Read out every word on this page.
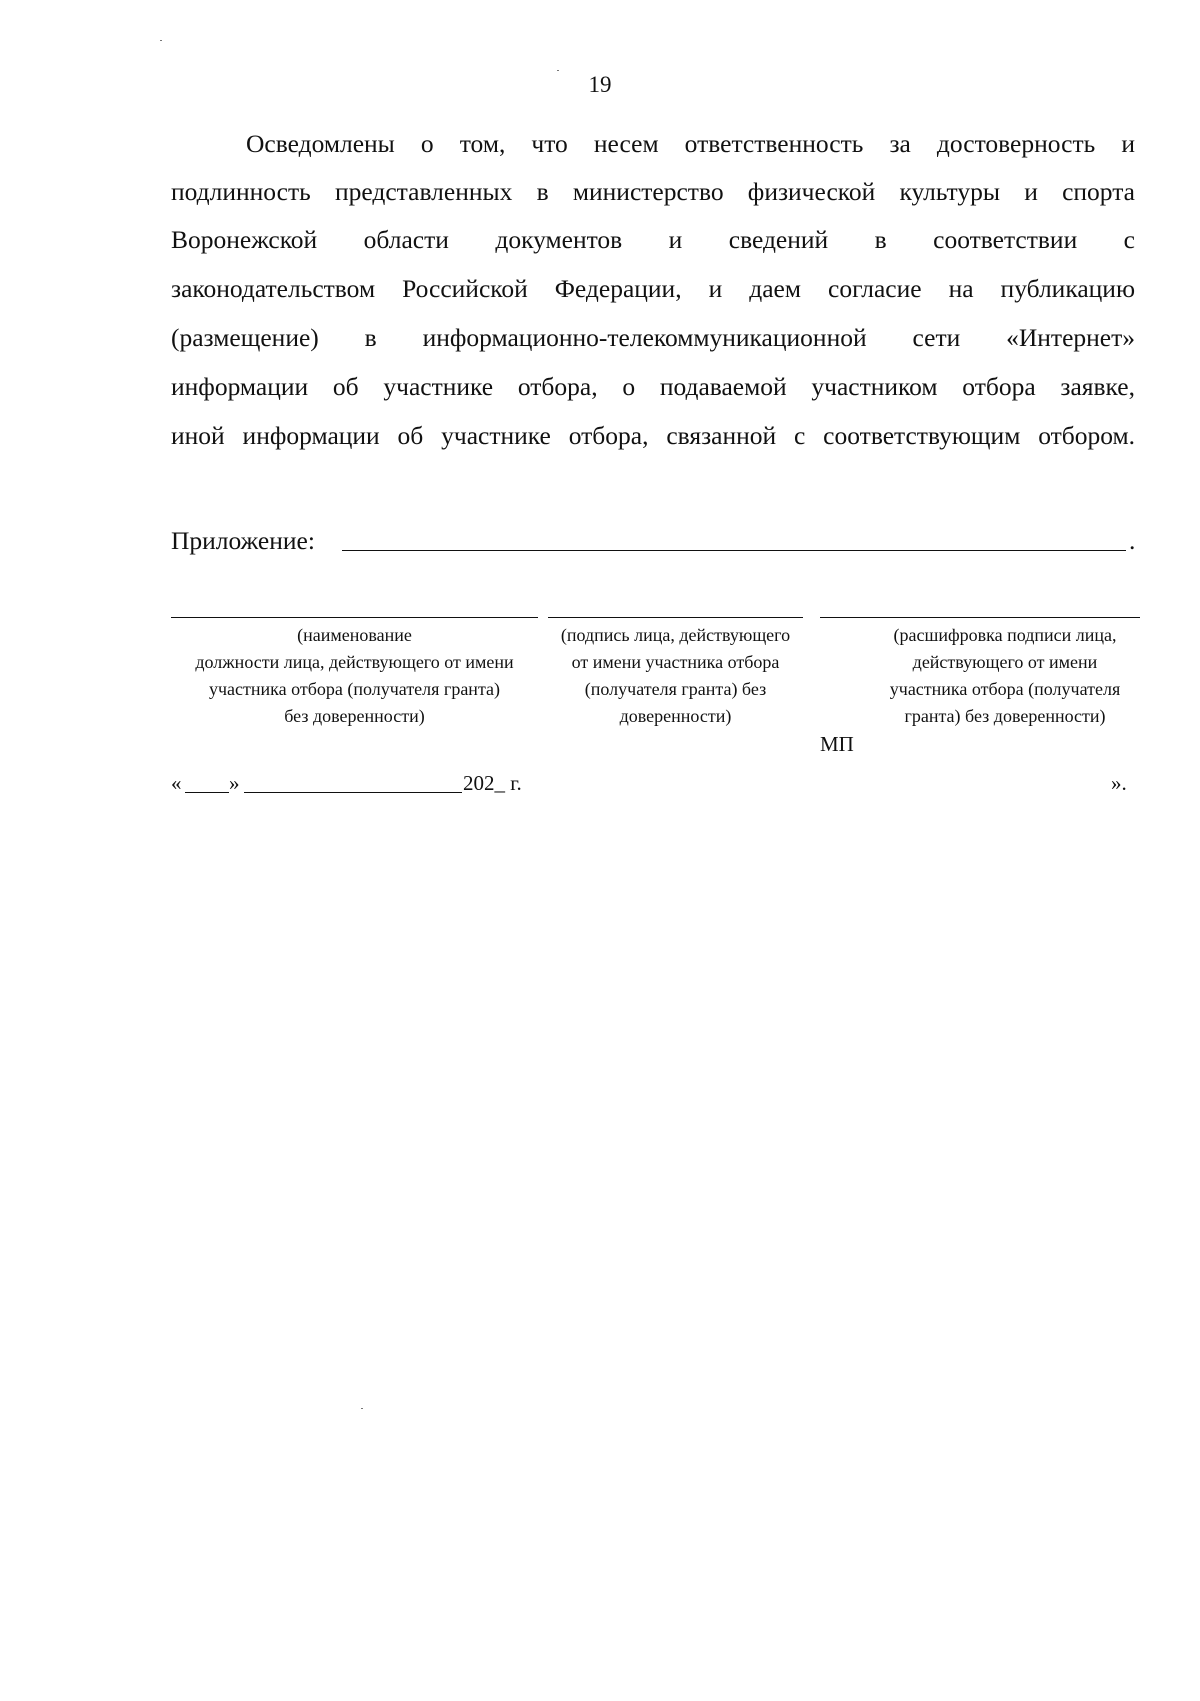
19
Осведомлены о том, что несем ответственность за достоверность и
подлинность представленных в министерство физической культуры и спорта
Воронежской области документов и сведений в соответствии с
законодательством Российской Федерации, и даем согласие на публикацию
(размещение) в информационно-телекоммуникационной сети «Интернет»
информации об участнике отбора, о подаваемой участником отбора заявке,
иной информации об участнике отбора, связанной с соответствующим отбором.
Приложение:	.
(наименование
должности лица, действующего от имени
участника отбора (получателя гранта)
без доверенности)
(подпись лица, действующего
от имени участника отбора
(получателя гранта) без
доверенности)
(расшифровка подписи лица,
действующего от имени
участника отбора (получателя
гранта) без доверенности)
МП
« »	202_ г.	».
